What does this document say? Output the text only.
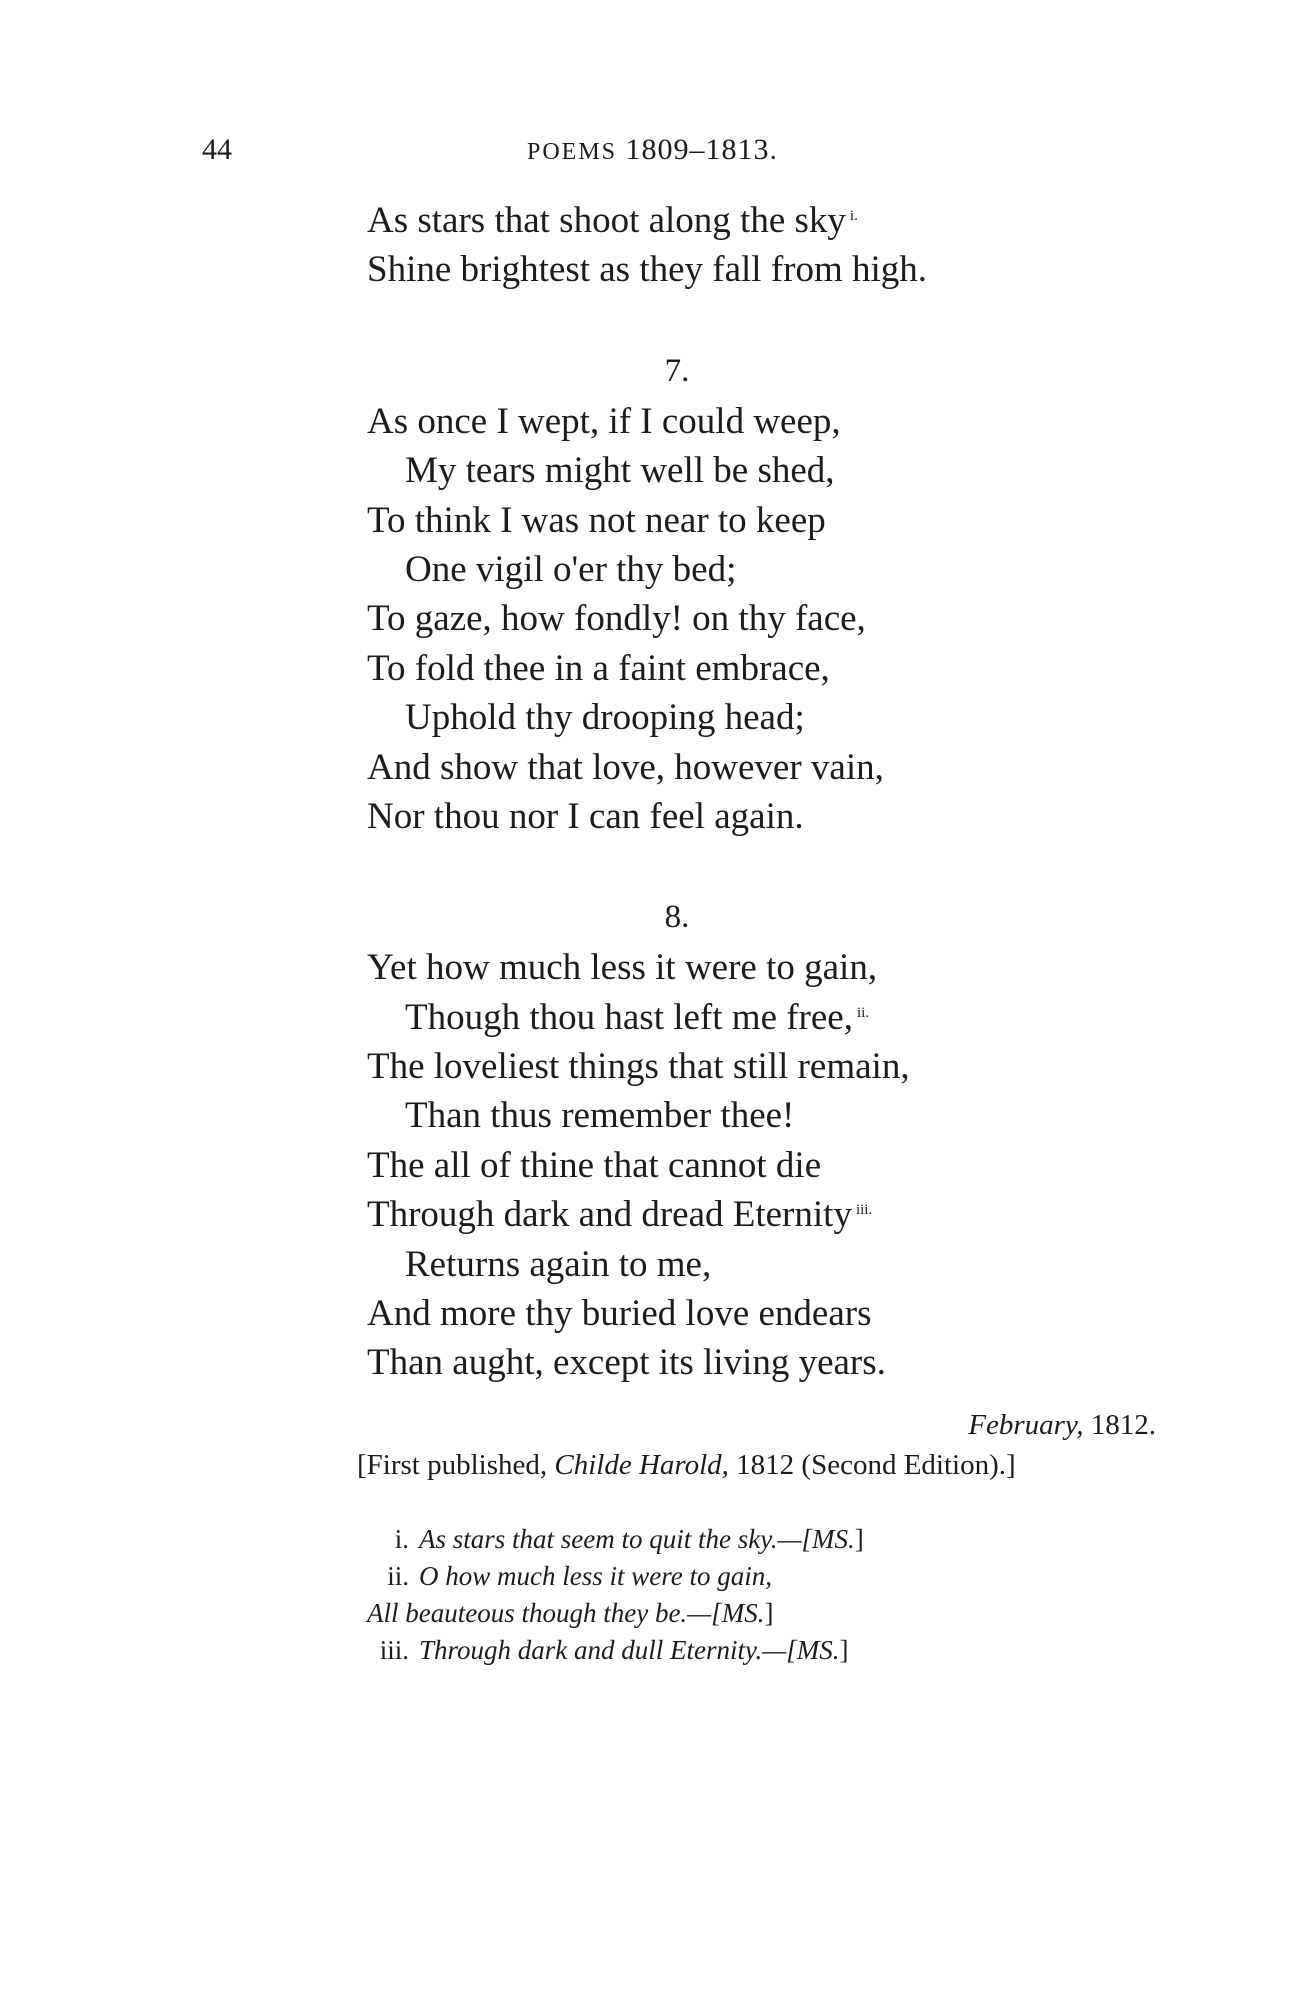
44	POEMS 1809–1813.
As stars that shoot along the sky $^{i.}$
Shine brightest as they fall from high.
7.
As once I wept, if I could weep,
My tears might well be shed,
To think I was not near to keep
One vigil o'er thy bed;
To gaze, how fondly! on thy face,
To fold thee in a faint embrace,
Uphold thy drooping head;
And show that love, however vain,
Nor thou nor I can feel again.
8.
Yet how much less it were to gain,
Though thou hast left me free, $^{ii.}$
The loveliest things that still remain,
Than thus remember thee!
The all of thine that cannot die
Through dark and dread Eternity $^{iii.}$
Returns again to me,
And more thy buried love endears
Than aught, except its living years.
February, 1812.
[First published, Childe Harold, 1812 (Second Edition).]
i. As stars that seem to quit the sky.—[MS.]
ii. O how much less it were to gain,
All beauteous though they be.—[MS.]
iii. Through dark and dull Eternity.—[MS.]
